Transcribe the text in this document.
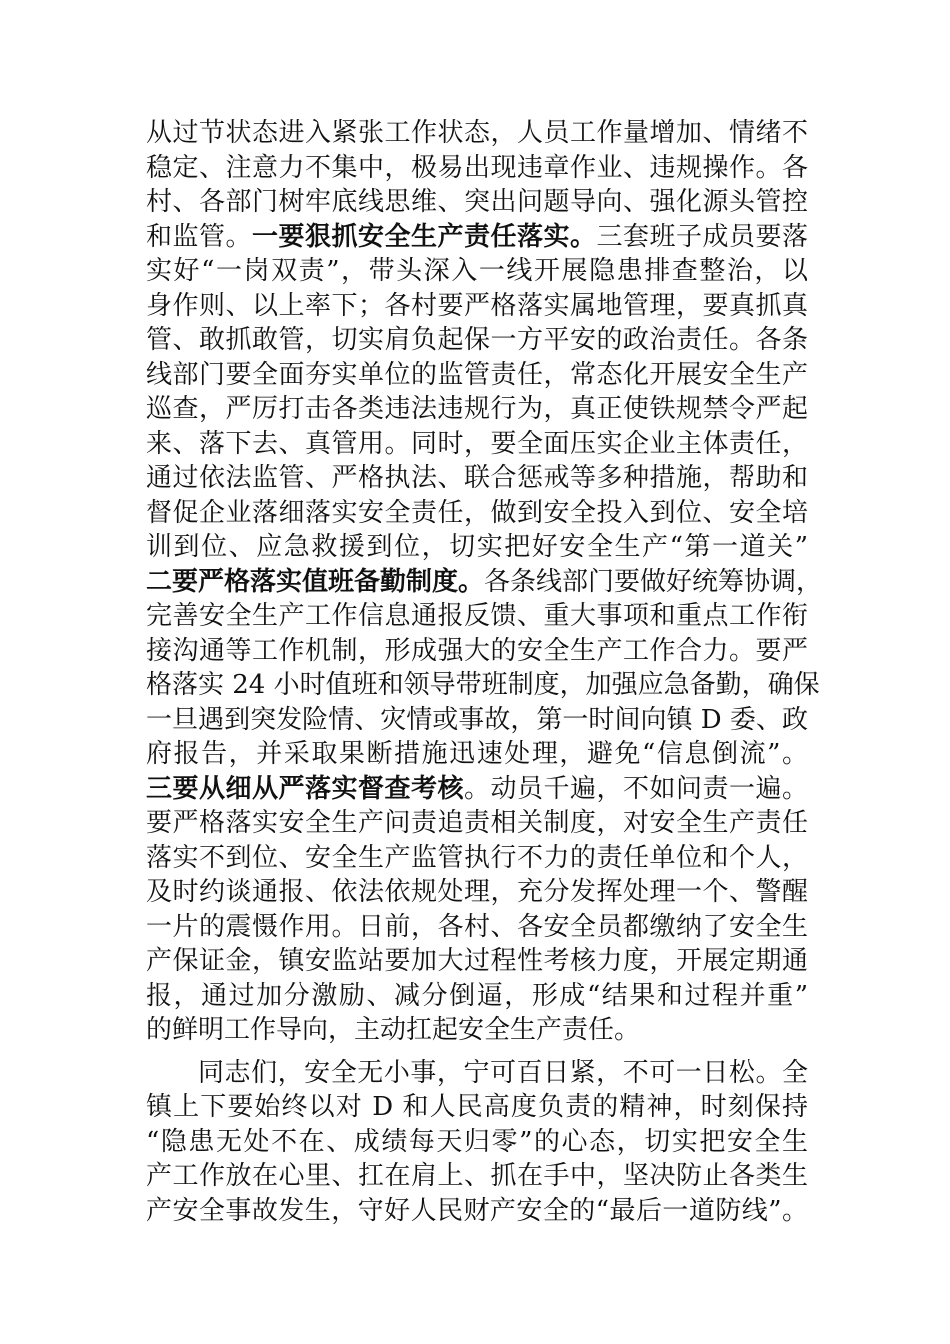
从过节状态进入紧张工作状态，人员工作量增加、情绪不
稳定、注意力不集中，极易出现违章作业、违规操作。各
村、各部门树牢底线思维、突出问题导向、强化源头管控
和监管。一要狠抓安全生产责任落实。三套班子成员要落
实好“一岗双责”，带头深入一线开展隐患排查整治，以
身作则、以上率下；各村要严格落实属地管理，要真抓真
管、敢抓敢管，切实肩负起保一方平安的政治责任。各条
线部门要全面夯实单位的监管责任，常态化开展安全生产
巡查，严厉打击各类违法违规行为，真正使铁规禁令严起
来、落下去、真管用。同时，要全面压实企业主体责任，
通过依法监管、严格执法、联合惩戒等多种措施，帮助和
督促企业落细落实安全责任，做到安全投入到位、安全培
训到位、应急救援到位，切实把好安全生产“第一道关”
二要严格落实值班备勤制度。各条线部门要做好统筹协调，
完善安全生产工作信息通报反馈、重大事项和重点工作衔
接沟通等工作机制，形成强大的安全生产工作合力。要严
格落实 24 小时值班和领导带班制度，加强应急备勤，确保
一旦遇到突发险情、灾情或事故，第一时间向镇 D 委、政
府报告，并采取果断措施迅速处理，避免“信息倒流”。
三要从细从严落实督查考核。动员千遍，不如问责一遍。
要严格落实安全生产问责追责相关制度，对安全生产责任
落实不到位、安全生产监管执行不力的责任单位和个人，
及时约谈通报、依法依规处理，充分发挥处理一个、警醒
一片的震慑作用。日前，各村、各安全员都缴纳了安全生
产保证金，镇安监站要加大过程性考核力度，开展定期通
报，通过加分激励、减分倒逼，形成“结果和过程并重”
的鲜明工作导向，主动扛起安全生产责任。
同志们，安全无小事，宁可百日紧，不可一日松。全
镇上下要始终以对 D 和人民高度负责的精神，时刻保持
“隐患无处不在、成绩每天归零”的心态，切实把安全生
产工作放在心里、扛在肩上、抓在手中，坚决防止各类生
产安全事故发生，守好人民财产安全的“最后一道防线”。
